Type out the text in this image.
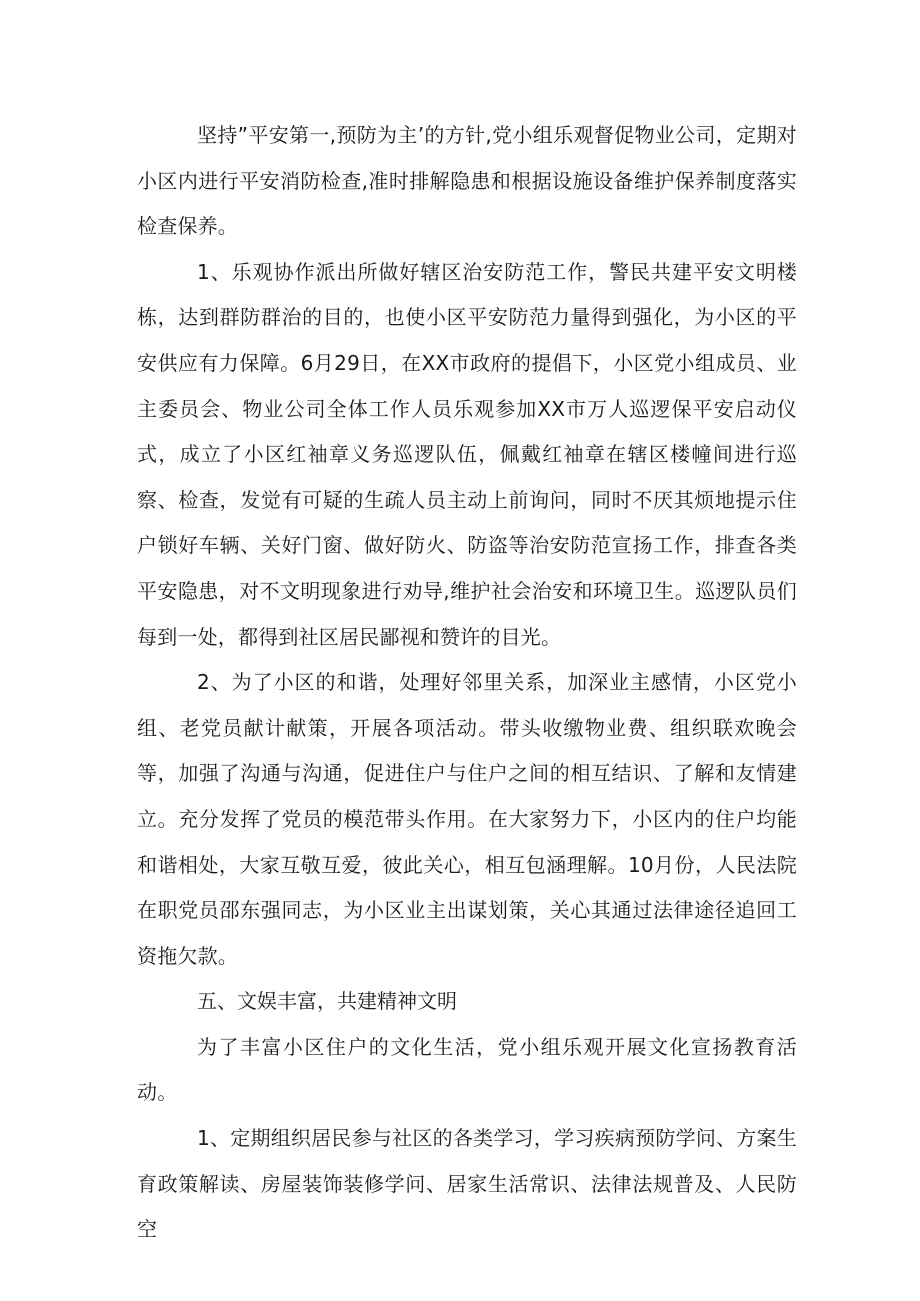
坚持”平安第一,预防为主’的方针,党小组乐观督促物业公司，定期对小区内进行平安消防检查,准时排解隐患和根据设施设备维护保养制度落实检查保养。

1、乐观协作派出所做好辖区治安防范工作，警民共建平安文明楼栋，达到群防群治的目的，也使小区平安防范力量得到强化，为小区的平安供应有力保障。6月29日，在XX市政府的提倡下，小区党小组成员、业主委员会、物业公司全体工作人员乐观参加XX市万人巡逻保平安启动仪式，成立了小区红袖章义务巡逻队伍，佩戴红袖章在辖区楼幢间进行巡察、检查，发觉有可疑的生疏人员主动上前询问，同时不厌其烦地提示住户锁好车辆、关好门窗、做好防火、防盗等治安防范宣扬工作，排查各类平安隐患，对不文明现象进行劝导,维护社会治安和环境卫生。巡逻队员们每到一处，都得到社区居民鄙视和赞许的目光。

2、为了小区的和谐，处理好邻里关系，加深业主感情，小区党小组、老党员献计献策，开展各项活动。带头收缴物业费、组织联欢晚会等，加强了沟通与沟通，促进住户与住户之间的相互结识、了解和友情建立。充分发挥了党员的模范带头作用。在大家努力下，小区内的住户均能和谐相处，大家互敬互爱，彼此关心，相互包涵理解。10月份，人民法院在职党员邵东强同志，为小区业主出谋划策，关心其通过法律途径追回工资拖欠款。

五、文娱丰富，共建精神文明

为了丰富小区住户的文化生活，党小组乐观开展文化宣扬教育活动。

1、定期组织居民参与社区的各类学习，学习疾病预防学问、方案生育政策解读、房屋装饰装修学问、居家生活常识、法律法规普及、人民防空
